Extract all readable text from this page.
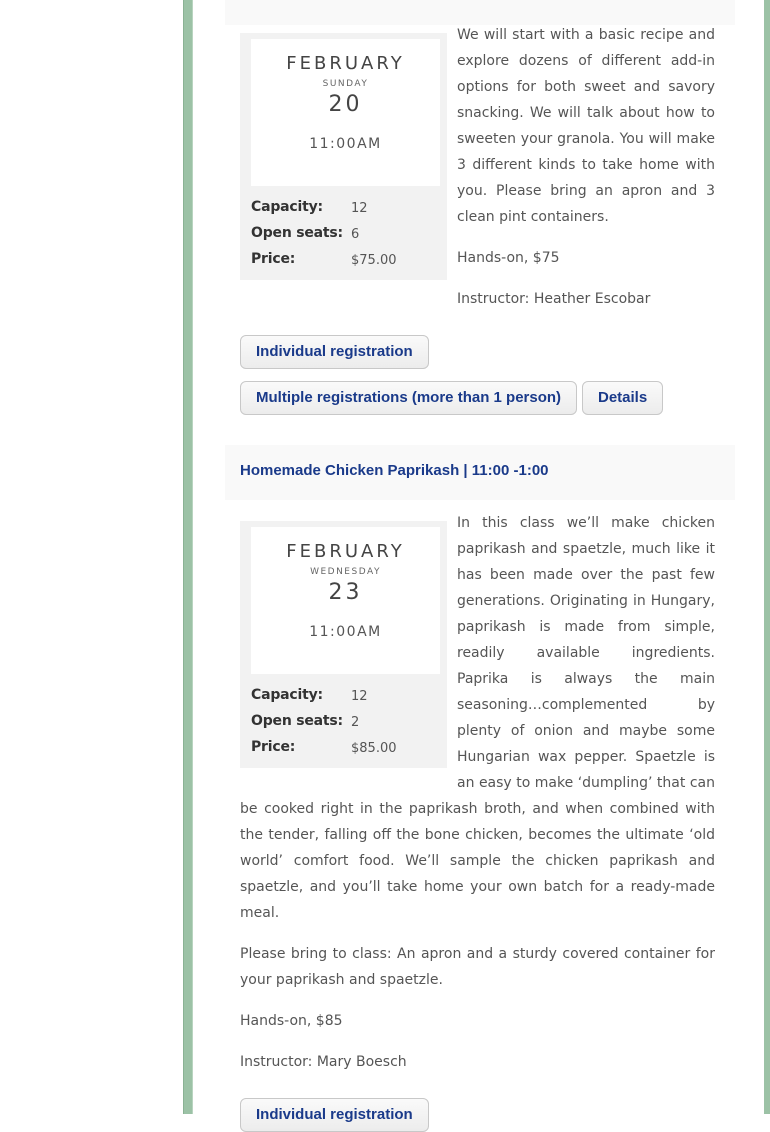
FEBRUARY
SUNDAY
20
11:00AM
Capacity: 12
Open seats: 6
Price:	$75.00
We will start with a basic recipe and explore dozens of different add-in options for both sweet and savory snacking. We will talk about how to sweeten your granola. You will make 3 different kinds to take home with you. Please bring an apron and 3 clean pint containers.
Hands-on, $75
Instructor: Heather Escobar
Individual registration
Multiple registrations (more than 1 person)	Details
Homemade Chicken Paprikash | 11:00 -1:00
FEBRUARY
WEDNESDAY
23
11:00AM
Capacity: 12
Open seats: 2
Price:	$85.00

In this class we’ll make chicken paprikash and spaetzle, much like it has been made over the past few generations. Originating in Hungary, paprikash is made from simple, readily available ingredients. Paprika is always the main seasoning…complemented by plenty of onion and maybe some Hungarian wax pepper. Spaetzle is an easy to make ‘dumpling’ that can be cooked right in the paprikash broth, and when combined with the tender, falling off the bone chicken, becomes the ultimate ‘old world’ comfort food. We’ll sample the chicken paprikash and spaetzle, and you’ll take home your own batch for a ready-made meal.

Please bring to class: An apron and a sturdy covered container for your paprikash and spaetzle.
Hands-on, $85
Instructor: Mary Boesch
Individual registration
